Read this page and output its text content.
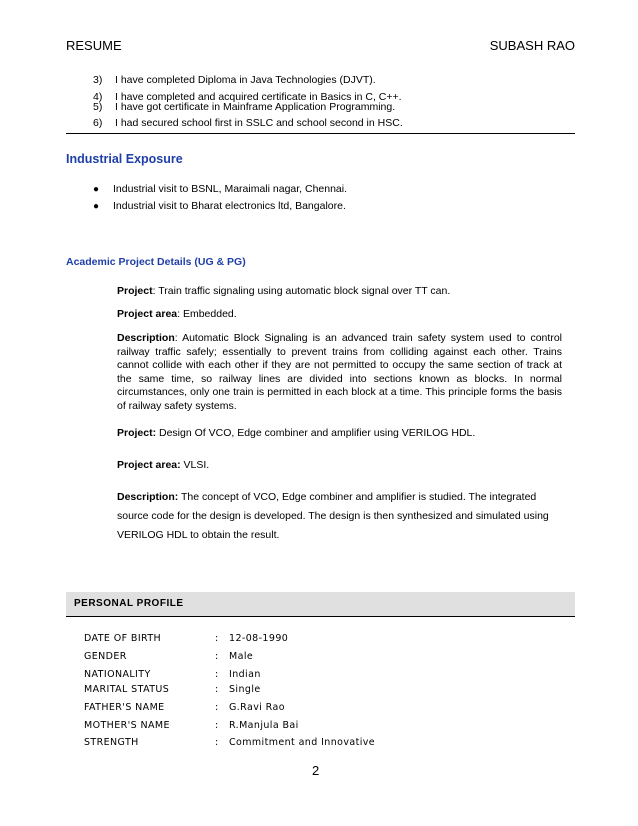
RESUME	SUBASH RAO
3) I have completed Diploma in Java Technologies (DJVT).
4) I have completed and acquired certificate in Basics in C, C++.
5) I have got certificate in Mainframe Application Programming.
6) I had secured school first in SSLC and school second in HSC.
Industrial Exposure
● Industrial visit to BSNL, Maraimali nagar, Chennai.
● Industrial visit to Bharat electronics ltd, Bangalore.
Academic Project Details (UG & PG)
Project: Train traffic signaling using automatic block signal over TT can.
Project area: Embedded.
Description: Automatic Block Signaling is an advanced train safety system used to control railway traffic safely; essentially to prevent trains from colliding against each other. Trains cannot collide with each other if they are not permitted to occupy the same section of track at the same time, so railway lines are divided into sections known as blocks. In normal circumstances, only one train is permitted in each block at a time. This principle forms the basis of railway safety systems.
Project: Design Of VCO, Edge combiner and amplifier using VERILOG HDL.
Project area: VLSI.
Description: The concept of VCO, Edge combiner and amplifier is studied. The integrated source code for the design is developed. The design is then synthesized and simulated using VERILOG HDL to obtain the result.
PERSONAL PROFILE
DATE OF BIRTH	: 12-08-1990
GENDER	: Male
NATIONALITY	: Indian
MARITAL STATUS	: Single
FATHER'S NAME	: G.Ravi Rao
MOTHER'S NAME	: R.Manjula Bai
STRENGTH	: Commitment and Innovative
2
